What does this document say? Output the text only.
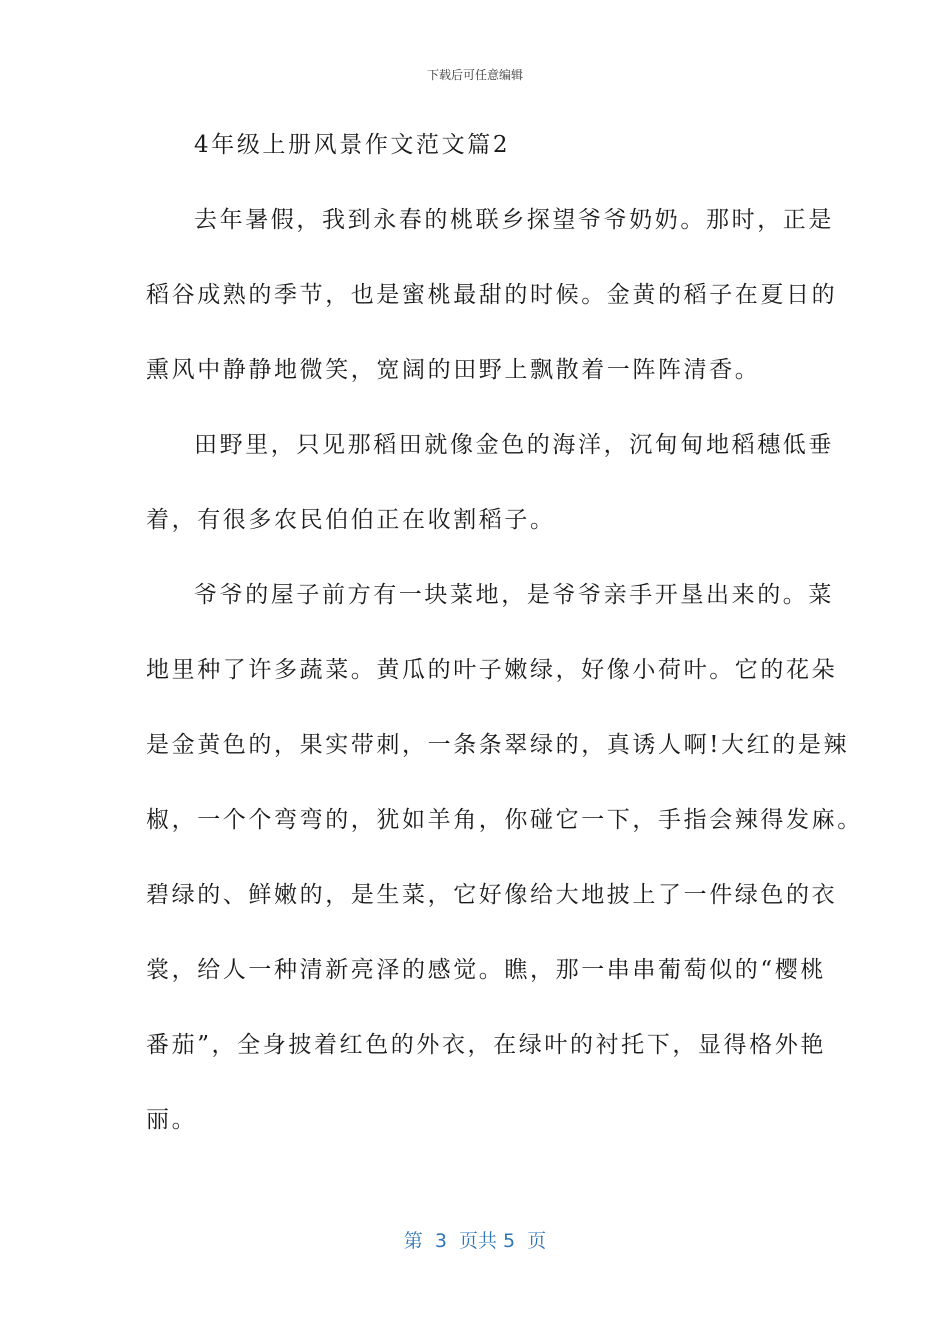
下载后可任意编辑
4年级上册风景作文范文篇2
去年暑假，我到永春的桃联乡探望爷爷奶奶。那时，正是
稻谷成熟的季节，也是蜜桃最甜的时候。金黄的稻子在夏日的
熏风中静静地微笑，宽阔的田野上飘散着一阵阵清香。
田野里，只见那稻田就像金色的海洋，沉甸甸地稻穗低垂
着，有很多农民伯伯正在收割稻子。
爷爷的屋子前方有一块菜地，是爷爷亲手开垦出来的。菜
地里种了许多蔬菜。黄瓜的叶子嫩绿，好像小荷叶。它的花朵
是金黄色的，果实带刺，一条条翠绿的，真诱人啊!大红的是辣
椒，一个个弯弯的，犹如羊角，你碰它一下，手指会辣得发麻。
碧绿的、鲜嫩的，是生菜，它好像给大地披上了一件绿色的衣
裳，给人一种清新亮泽的感觉。瞧，那一串串葡萄似的“樱桃
番茄”，全身披着红色的外衣，在绿叶的衬托下，显得格外艳
丽。
第  3  页共 5  页
